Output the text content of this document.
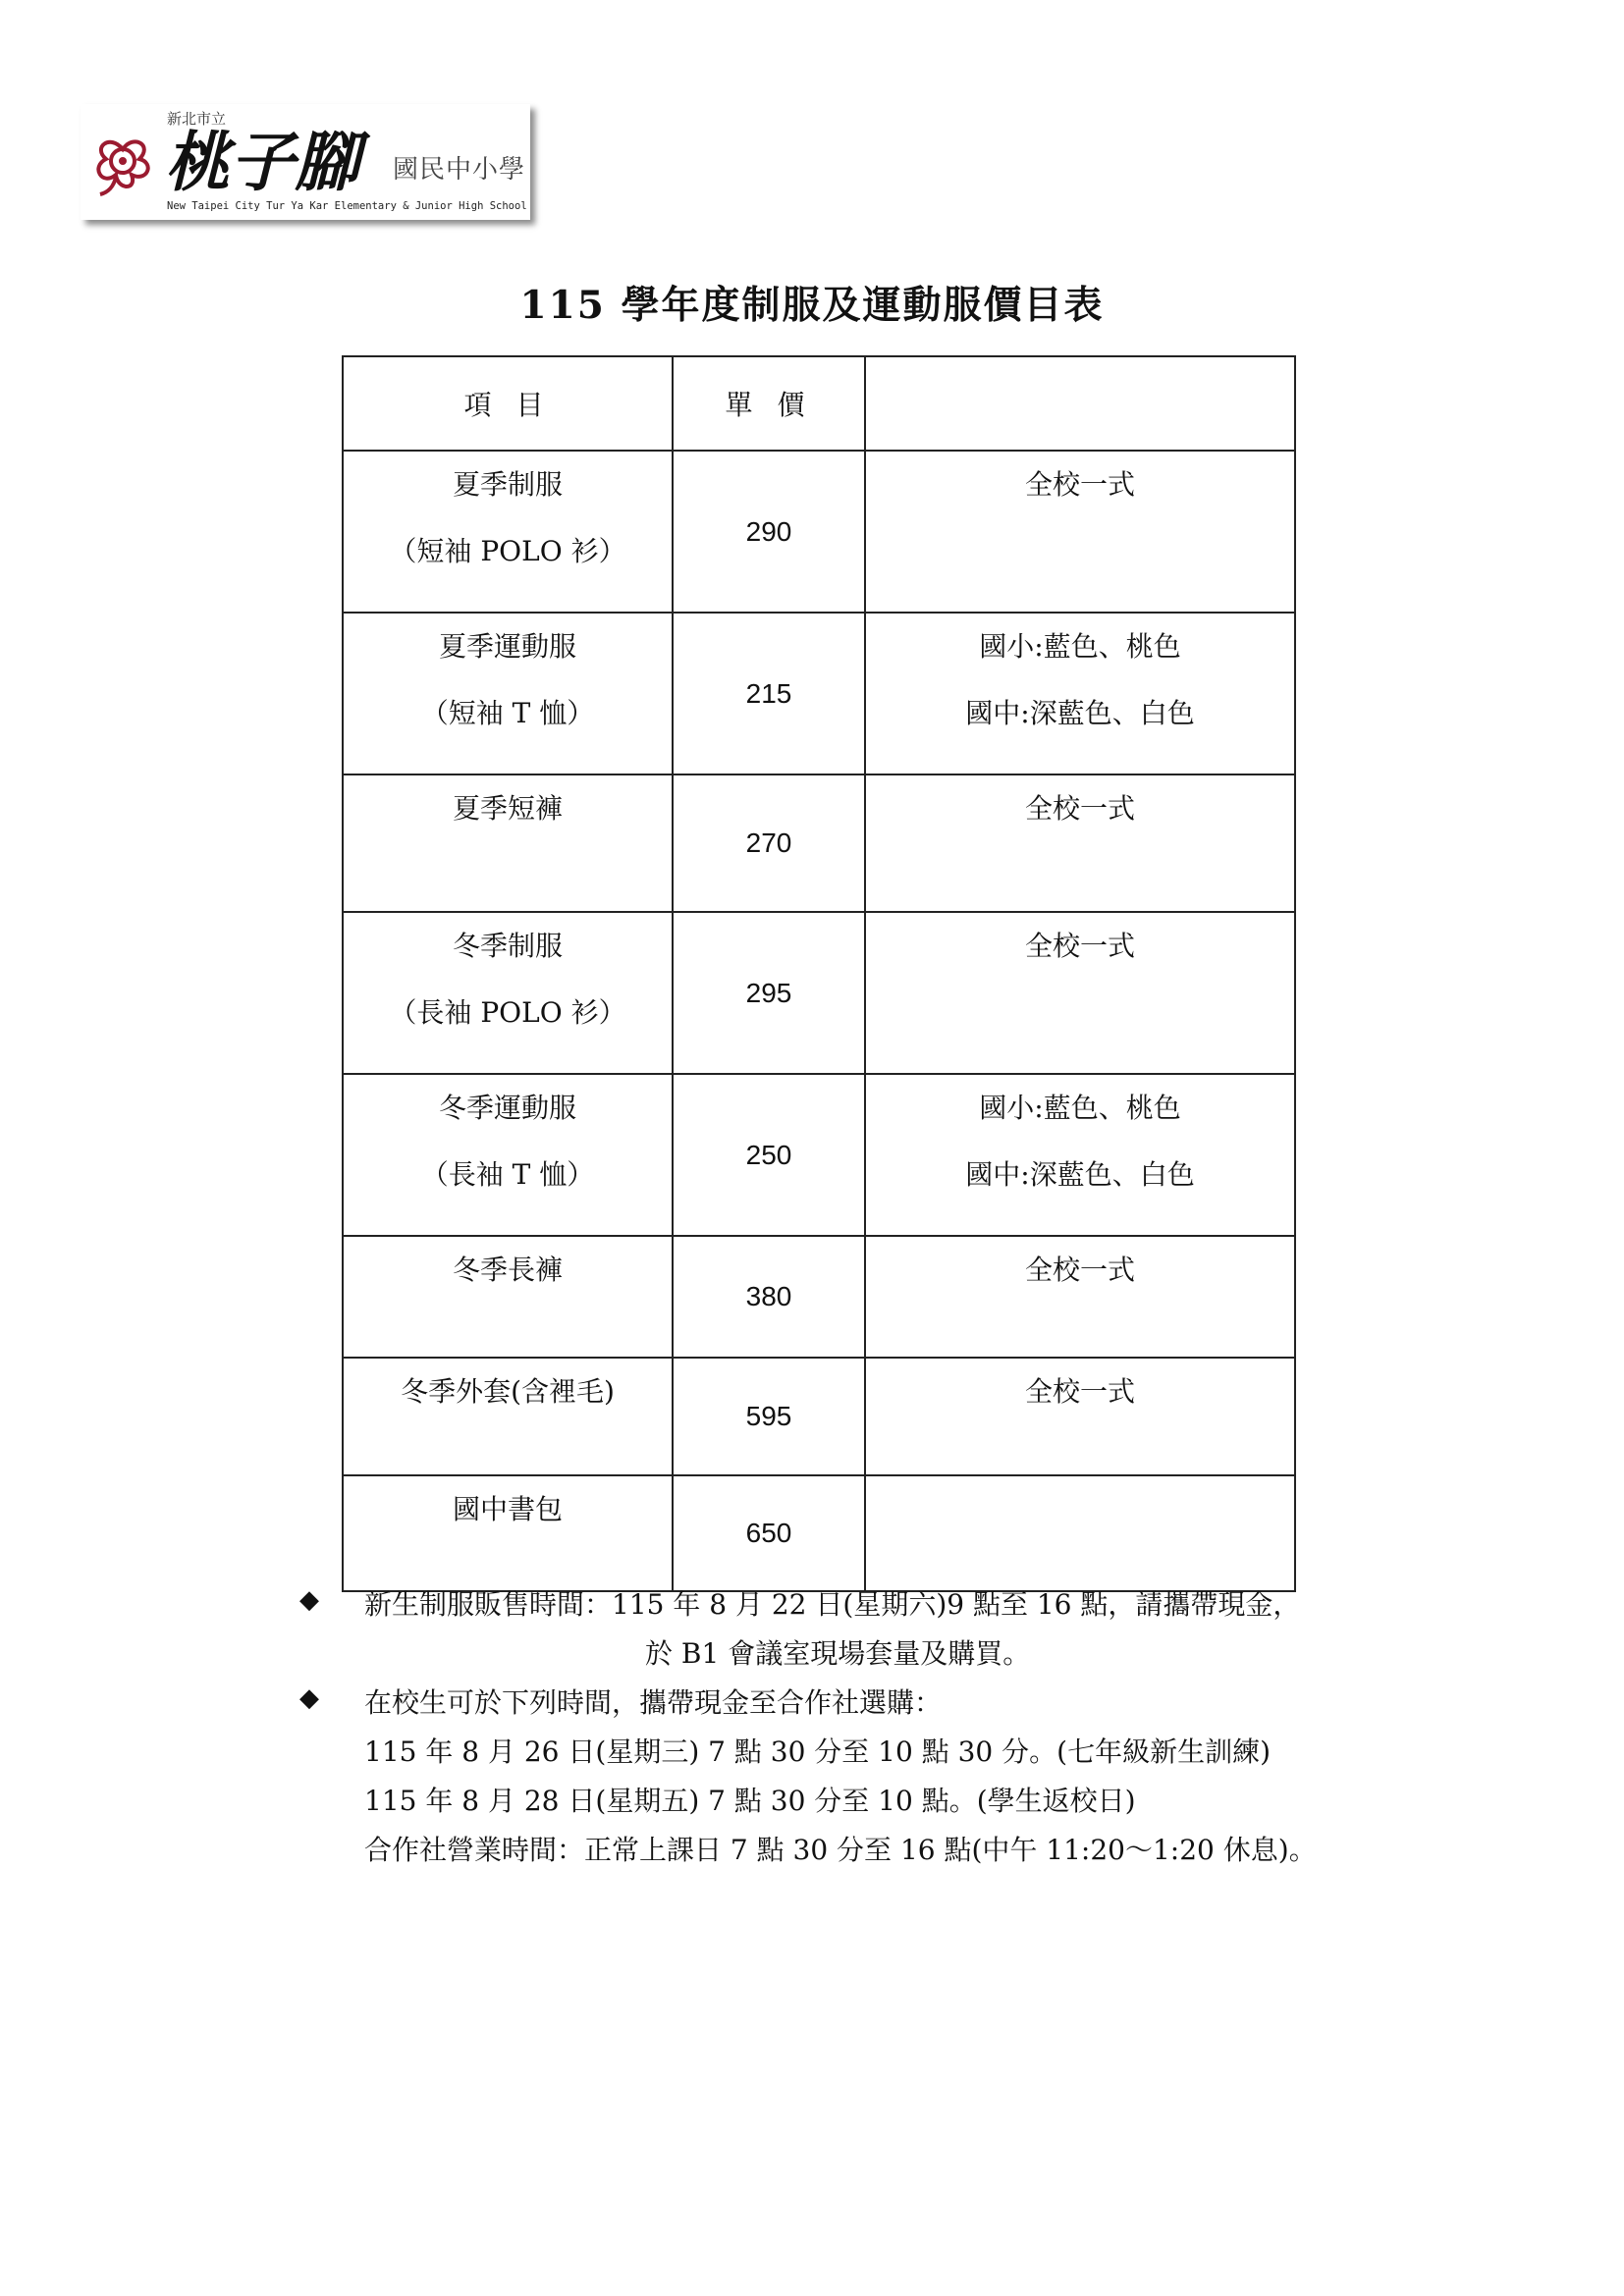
新北市立
桃子腳	國民中小學
New Taipei City Tur Ya Kar Elementary & Junior High School
115 學年度制服及運動服價目表
項 目	單 價	

夏季制服
（短袖 POLO 衫）	290	全校一式

夏季運動服
（短袖 T 恤）	215	國小:藍色、桃色
國中:深藍色、白色

夏季短褲	270	全校一式

冬季制服
（長袖 POLO 衫）	295	全校一式

冬季運動服
（長袖 T 恤）	250	國小:藍色、桃色
國中:深藍色、白色

冬季長褲	380	全校一式

冬季外套(含裡毛)	595	全校一式

國中書包	650	
◆ 新生制服販售時間：115 年 8 月 22 日(星期六)9 點至 16 點，請攜帶現金，
於 B1 會議室現場套量及購買。
◆ 在校生可於下列時間，攜帶現金至合作社選購：
115 年 8 月 26 日(星期三) 7 點 30 分至 10 點 30 分。(七年級新生訓練)
115 年 8 月 28 日(星期五) 7 點 30 分至 10 點。(學生返校日)
合作社營業時間：正常上課日 7 點 30 分至 16 點(中午 11:20～1:20 休息)。
